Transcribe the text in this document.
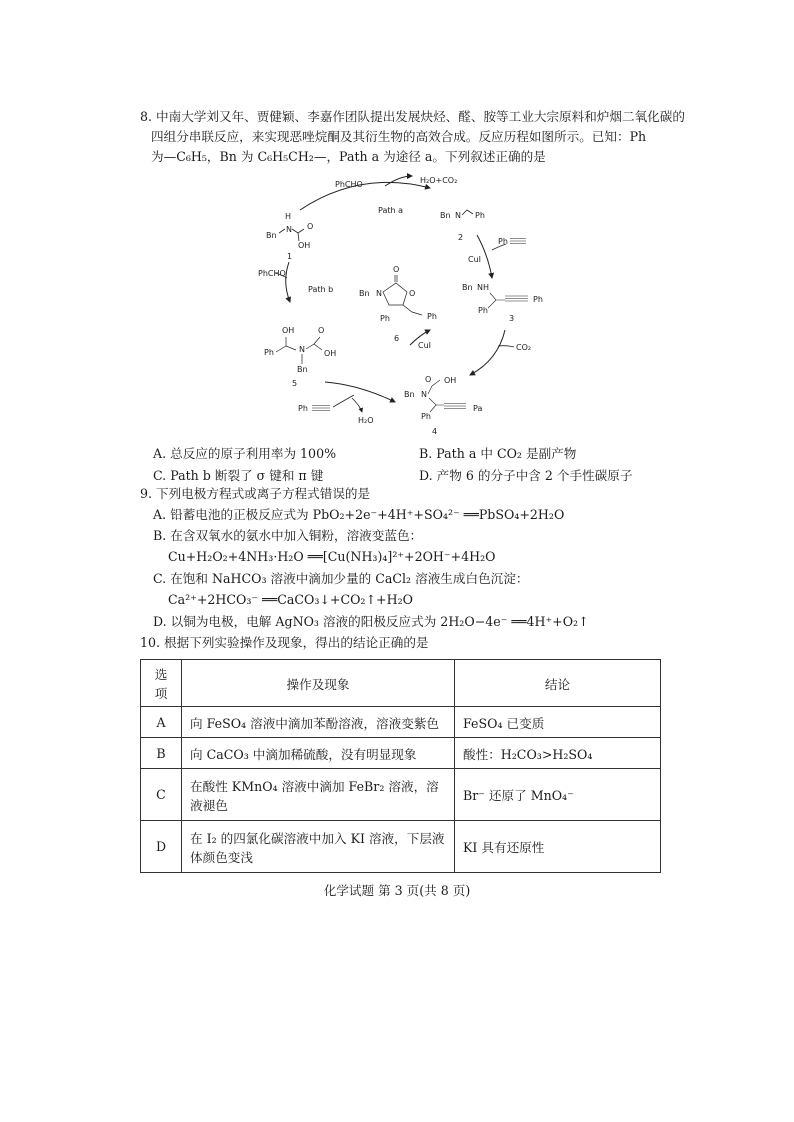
8. 中南大学刘又年、贾健颖、李嘉作团队提出发展炔烃、醛、胺等工业大宗原料和炉烟二氧化碳的
四组分串联反应，来实现恶唑烷酮及其衍生物的高效合成。反应历程如图所示。已知：Ph
为—C₆H₅，Bn 为 C₆H₅CH₂—，Path a 为途径 a。下列叙述正确的是
PhCHO	H₂O+CO₂
Path a
H
Bn
N O
OH
1
Bn N Ph
2	Ph
CuI
Bn NH
Ph
Ph
3
CO₂
O OH
Bn N
Ph
Pa
4
CuI
O
Bn N	O
Ph	Ph
6
PhCHO
Path b
OH	O
Ph	N OH
Bn
5
Ph
H₂O
A. 总反应的原子利用率为 100%	B. Path a 中 CO₂ 是副产物
C. Path b 断裂了 σ 键和 π 键	D. 产物 6 的分子中含 2 个手性碳原子
9. 下列电极方程式或离子方程式错误的是
A. 铅蓄电池的正极反应式为 PbO₂+2e⁻+4H⁺+SO₄²⁻ ══PbSO₄+2H₂O
B. 在含双氧水的氨水中加入铜粉，溶液变蓝色：
Cu+H₂O₂+4NH₃·H₂O ══[Cu(NH₃)₄]²⁺+2OH⁻+4H₂O
C. 在饱和 NaHCO₃ 溶液中滴加少量的 CaCl₂ 溶液生成白色沉淀：
Ca²⁺+2HCO₃⁻ ══CaCO₃↓+CO₂↑+H₂O
D. 以铜为电极，电解 AgNO₃ 溶液的阳极反应式为 2H₂O−4e⁻ ══4H⁺+O₂↑
10. 根据下列实验操作及现象，得出的结论正确的是
选项	操作及现象	结论
A	向 FeSO₄ 溶液中滴加苯酚溶液，溶液变紫色	FeSO₄ 已变质
B	向 CaCO₃ 中滴加稀硫酸，没有明显现象	酸性：H₂CO₃>H₂SO₄
C	在酸性 KMnO₄ 溶液中滴加 FeBr₂ 溶液，溶液褪色	Br⁻ 还原了 MnO₄⁻
D	在 I₂ 的四氯化碳溶液中加入 KI 溶液，下层液体颜色变浅	KI 具有还原性
化学试题 第 3 页(共 8 页)
